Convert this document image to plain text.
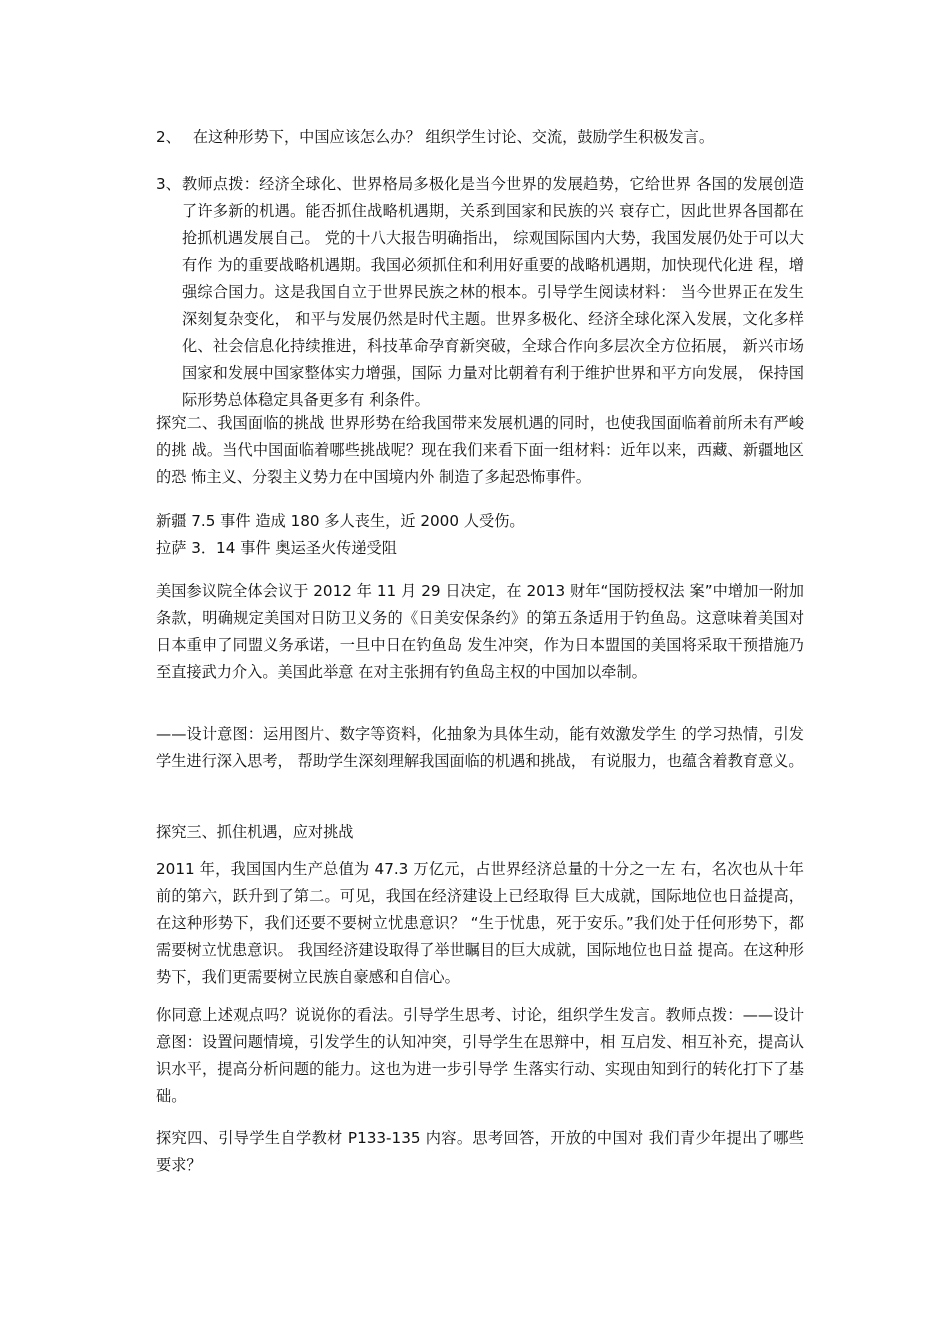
2、 在这种形势下，中国应该怎么办？ 组织学生讨论、交流，鼓励学生积极发言。
3、 教师点拨：经济全球化、世界格局多极化是当今世界的发展趋势，它给世界 各国的发展创造了许多新的机遇。能否抓住战略机遇期，关系到国家和民族的兴 衰存亡，因此世界各国都在抢抓机遇发展自己。 党的十八大报告明确指出， 综观国际国内大势，我国发展仍处于可以大有作 为的重要战略机遇期。我国必须抓住和利用好重要的战略机遇期，加快现代化进 程，增强综合国力。这是我国自立于世界民族之林的根本。引导学生阅读材料： 当今世界正在发生深刻复杂变化， 和平与发展仍然是时代主题。世界多极化、经济全球化深入发展，文化多样化、社会信息化持续推进，科技革命孕育新突破，全球合作向多层次全方位拓展， 新兴市场国家和发展中国家整体实力增强，国际 力量对比朝着有利于维护世界和平方向发展， 保持国际形势总体稳定具备更多有 利条件。
探究二、我国面临的挑战 世界形势在给我国带来发展机遇的同时，也使我国面临着前所未有严峻的挑 战。当代中国面临着哪些挑战呢？现在我们来看下面一组材料：近年以来，西藏、新疆地区的恐 怖主义、分裂主义势力在中国境内外 制造了多起恐怖事件。
新疆 7.5 事件 造成 180 多人丧生，近 2000 人受伤。
拉萨 3．14 事件 奥运圣火传递受阻
美国参议院全体会议于 2012 年 11 月 29 日决定，在 2013 财年“国防授权法 案”中增加一附加条款，明确规定美国对日防卫义务的《日美安保条约》的第五条适用于钓鱼岛。这意味着美国对日本重申了同盟义务承诺，一旦中日在钓鱼岛 发生冲突，作为日本盟国的美国将采取干预措施乃至直接武力介入。美国此举意 在对主张拥有钓鱼岛主权的中国加以牵制。
——设计意图：运用图片、数字等资料，化抽象为具体生动，能有效激发学生 的学习热情，引发学生进行深入思考， 帮助学生深刻理解我国面临的机遇和挑战， 有说服力，也蕴含着教育意义。
探究三、抓住机遇，应对挑战
2011 年，我国国内生产总值为 47.3 万亿元，占世界经济总量的十分之一左 右，名次也从十年前的第六，跃升到了第二。可见，我国在经济建设上已经取得 巨大成就，国际地位也日益提高，在这种形势下，我们还要不要树立忧患意识？ “生于忧患，死于安乐。”我们处于任何形势下，都需要树立忧患意识。 我国经济建设取得了举世瞩目的巨大成就，国际地位也日益 提高。在这种形势下，我们更需要树立民族自豪感和自信心。
你同意上述观点吗？说说你的看法。引导学生思考、讨论，组织学生发言。教师点拨：——设计意图：设置问题情境，引发学生的认知冲突，引导学生在思辩中，相 互启发、相互补充，提高认识水平，提高分析问题的能力。这也为进一步引导学 生落实行动、实现由知到行的转化打下了基础。
探究四、引导学生自学教材 P133-135 内容。思考回答，开放的中国对 我们青少年提出了哪些要求？
